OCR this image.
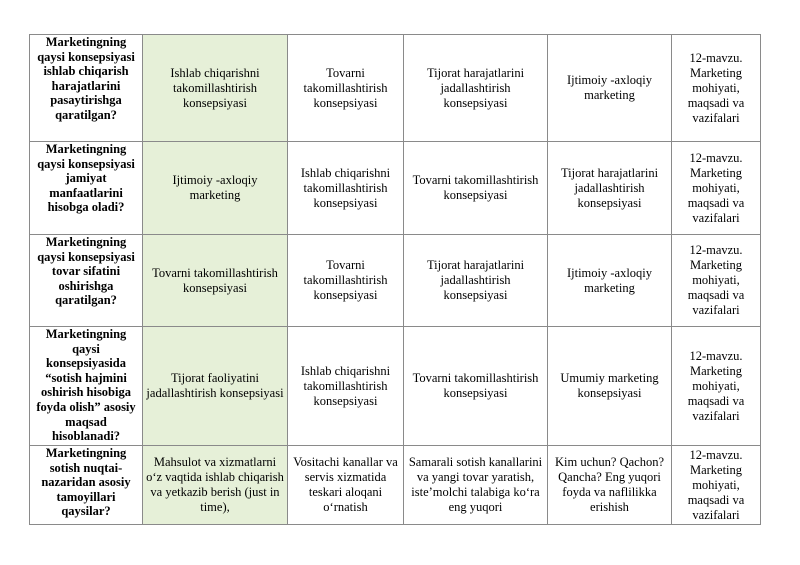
Marketingning qaysi konsepsiyasi ishlab chiqarish harajatlarini pasaytirishga qaratilgan?	Ishlab chiqarishni takomillashtirish konsepsiyasi	Tovarni takomillashtirish konsepsiyasi	Tijorat harajatlarini jadallashtirish konsepsiyasi	Ijtimoiy -axloqiy marketing	12-mavzu. Marketing mohiyati, maqsadi va vazifalari
Marketingning qaysi konsepsiyasi jamiyat manfaatlarini hisobga oladi?	Ijtimoiy -axloqiy marketing	Ishlab chiqarishni takomillashtirish konsepsiyasi	Tovarni takomillashtirish konsepsiyasi	Tijorat harajatlarini jadallashtirish konsepsiyasi	12-mavzu. Marketing mohiyati, maqsadi va vazifalari
Marketingning qaysi konsepsiyasi tovar sifatini oshirishga qaratilgan?	Tovarni takomillashtirish konsepsiyasi	Tovarni takomillashtirish konsepsiyasi	Tijorat harajatlarini jadallashtirish konsepsiyasi	Ijtimoiy -axloqiy marketing	12-mavzu. Marketing mohiyati, maqsadi va vazifalari
Marketingning qaysi konsepsiyasida “sotish hajmini oshirish hisobiga foyda olish” asosiy maqsad hisoblanadi?	Tijorat faoliyatini jadallashtirish konsepsiyasi	Ishlab chiqarishni takomillashtirish konsepsiyasi	Tovarni takomillashtirish konsepsiyasi	Umumiy marketing konsepsiyasi	12-mavzu. Marketing mohiyati, maqsadi va vazifalari
Marketingning sotish nuqtai-nazaridan asosiy tamoyillari qaysilar?	Mahsulot va xizmatlarni o‘z vaqtida ishlab chiqarish va yetkazib berish (just in time),	Vositachi kanallar va servis xizmatida teskari aloqani o‘rnatish	Samarali sotish kanallarini va yangi tovar yaratish, iste’molchi talabiga ko‘ra eng yuqori	Kim uchun? Qachon? Qancha? Eng yuqori foyda va naflilikka erishish	12-mavzu. Marketing mohiyati, maqsadi va vazifalari
